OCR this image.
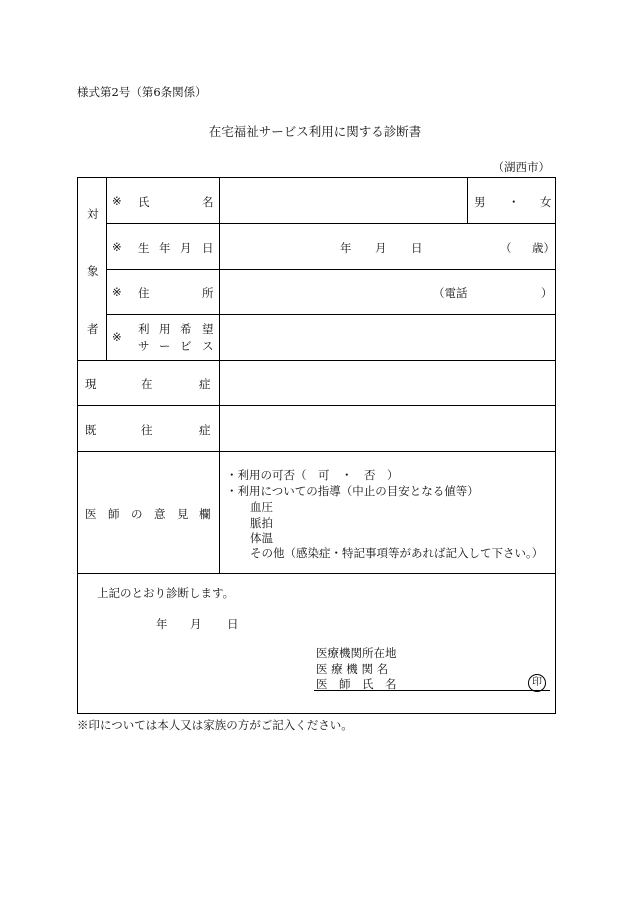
様式第2号（第6条関係）
在宅福祉サービス利用に関する診断書
（湖西市）
対
象
者
※ 氏	名	男 ・ 女
※ 生 年 月 日	年 月 日	（ 歳）
※ 住	所	（電話	）
※
利 用 希 望
サ ー ビ ス
現	在	症
既	往	症
医 師 の 意 見 欄
・利用の可否（　可　・　否　）
・利用についての指導（中止の目安となる値等）
血圧
脈拍
体温
その他（感染症・特記事項等があれば記入して下さい。）
上記のとおり診断します。
年 月 日
医療機関所在地
医 療 機 関 名
医　師　氏　名	印
※印については本人又は家族の方がご記入ください。
